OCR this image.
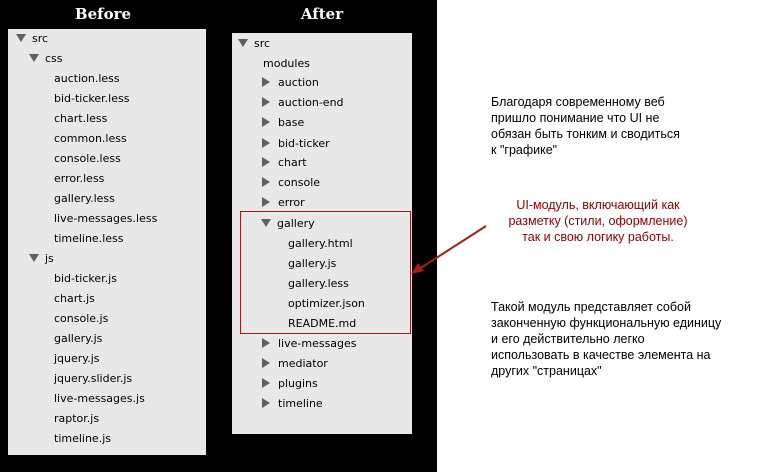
Before	After
src
css
auction.less
bid-ticker.less
chart.less
common.less
console.less
error.less
gallery.less
live-messages.less
timeline.less
js
bid-ticker.js
chart.js
console.js
gallery.js
jquery.js
jquery.slider.js
live-messages.js
raptor.js
timeline.js
src
modules
auction
auction-end
base
bid-ticker
chart
console
error
gallery
gallery.html
gallery.js
gallery.less
optimizer.json
README.md
live-messages
mediator
plugins
timeline
Благодаря современному веб
пришло понимание что UI не
обязан быть тонким и сводиться
к "графике"
UI-модуль, включающий как
разметку (стили, оформление)
так и свою логику работы.
Такой модуль представляет собой
законченную функциональную единицу
и его действительно легко
использовать в качестве элемента на
других "страницах"
